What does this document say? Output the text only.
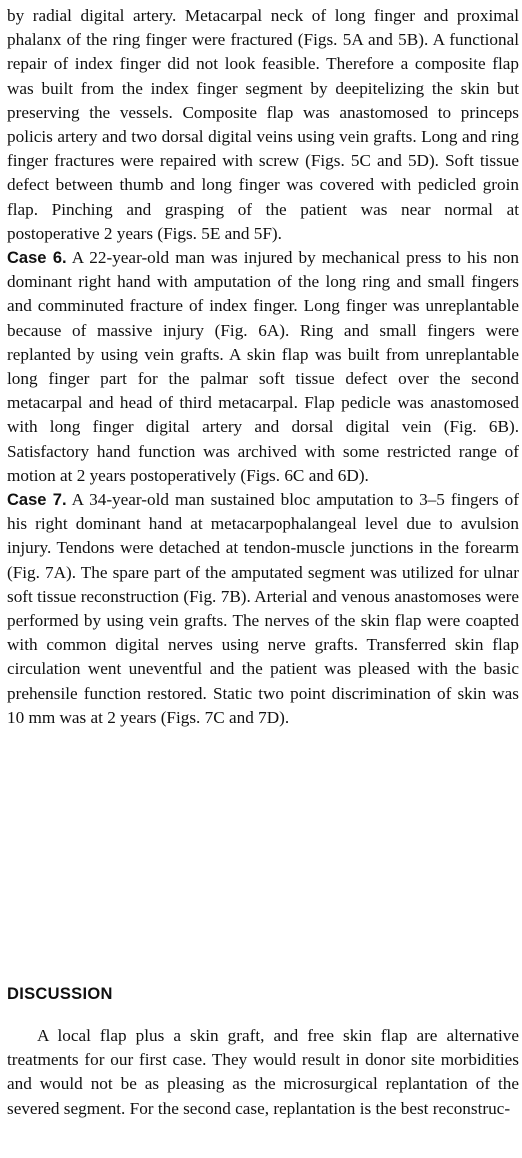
by radial digital artery. Metacarpal neck of long finger and proximal phalanx of the ring finger were fractured (Figs. 5A and 5B). A functional repair of index finger did not look feasible. Therefore a composite flap was built from the index finger segment by deepitelizing the skin but preserving the vessels. Composite flap was anastomosed to princeps policis artery and two dorsal digital veins using vein grafts. Long and ring finger fractures were repaired with screw (Figs. 5C and 5D). Soft tissue defect between thumb and long finger was covered with pedicled groin flap. Pinching and grasping of the patient was near normal at postoperative 2 years (Figs. 5E and 5F).

Case 6. A 22-year-old man was injured by mechanical press to his non dominant right hand with amputation of the long ring and small fingers and comminuted fracture of index finger. Long finger was unreplantable because of massive injury (Fig. 6A). Ring and small fingers were replanted by using vein grafts. A skin flap was built from unreplantable long finger part for the palmar soft tissue defect over the second metacarpal and head of third metacarpal. Flap pedicle was anastomosed with long finger digital artery and dorsal digital vein (Fig. 6B). Satisfactory hand function was archived with some restricted range of motion at 2 years postoperatively (Figs. 6C and 6D).

Case 7. A 34-year-old man sustained bloc amputation to 3–5 fingers of his right dominant hand at metacarpophalangeal level due to avulsion injury. Tendons were detached at tendon-muscle junctions in the forearm (Fig. 7A). The spare part of the amputated segment was utilized for ulnar soft tissue reconstruction (Fig. 7B). Arterial and venous anastomoses were performed by using vein grafts. The nerves of the skin flap were coapted with common digital nerves using nerve grafts. Transferred skin flap circulation went uneventful and the patient was pleased with the basic prehensile function restored. Static two point discrimination of skin was 10 mm was at 2 years (Figs. 7C and 7D).

DISCUSSION

A local flap plus a skin graft, and free skin flap are alternative treatments for our first case. They would result in donor site morbidities and would not be as pleasing as the microsurgical replantation of the severed segment. For the second case, replantation is the best reconstruc-
